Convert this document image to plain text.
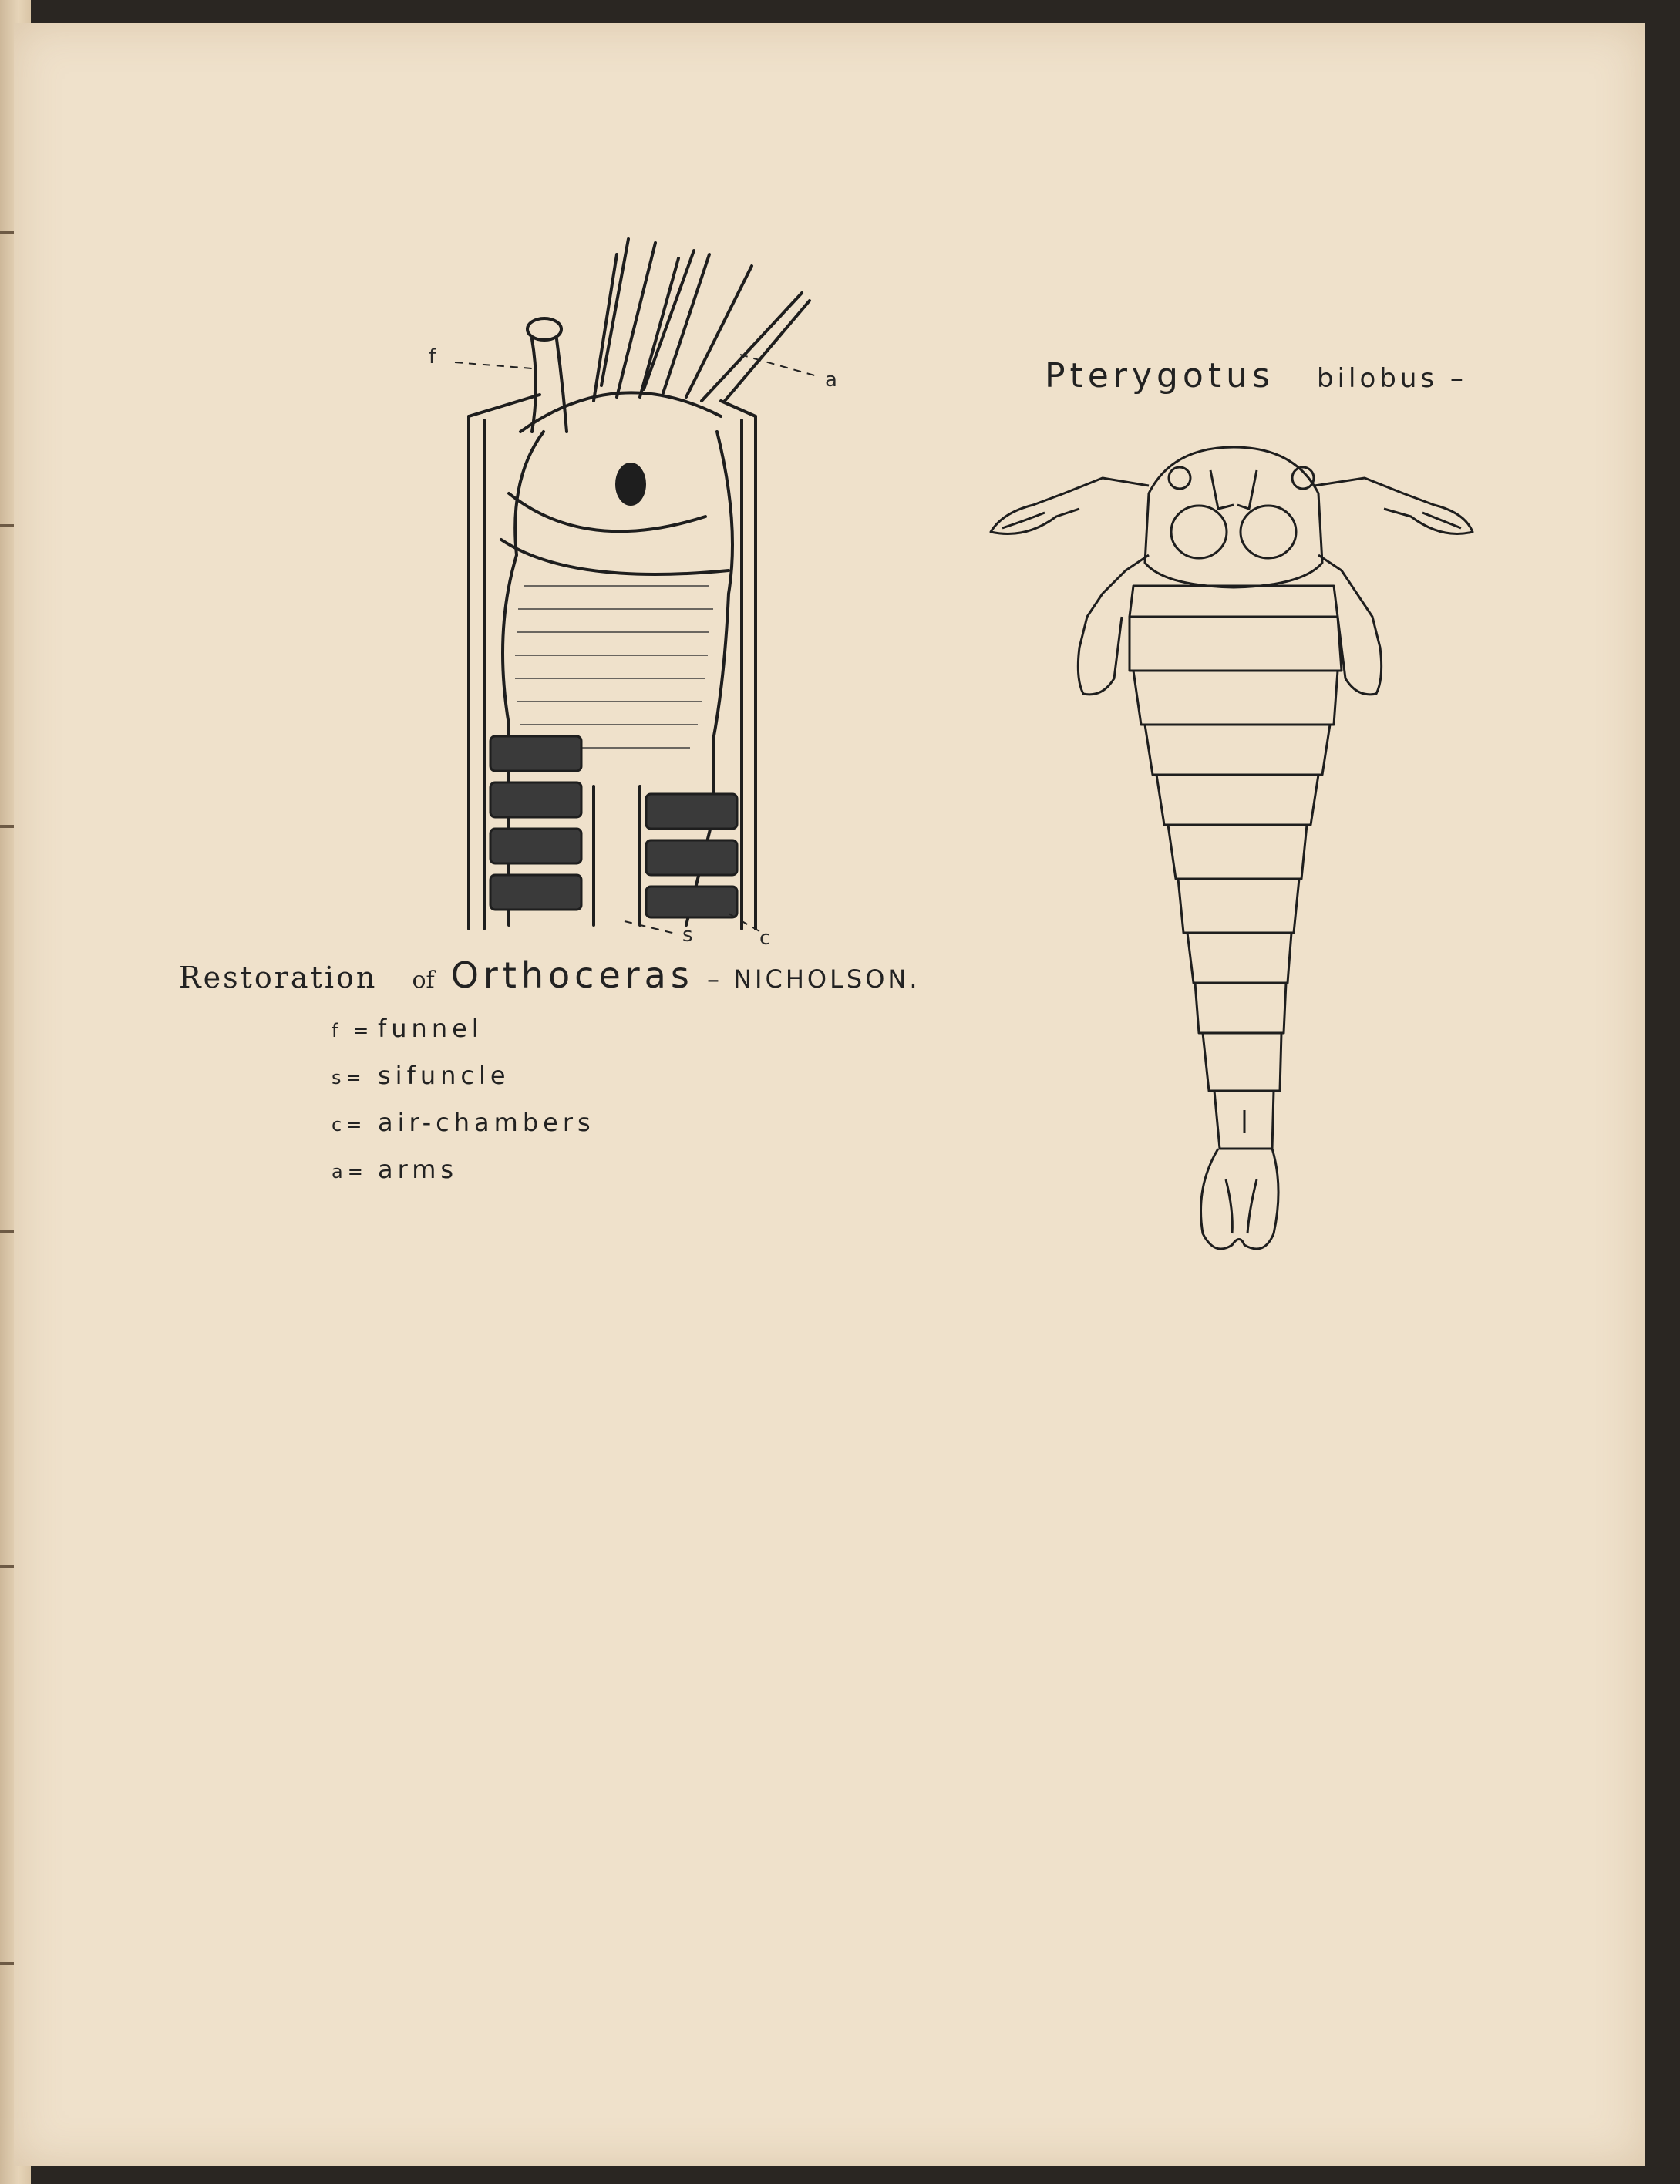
f
a
s	c
Restoration of Orthoceras – NICHOLSON.
f = funnel
s= sifuncle
c= air-chambers
a= arms
Pterygotus bilobus –
